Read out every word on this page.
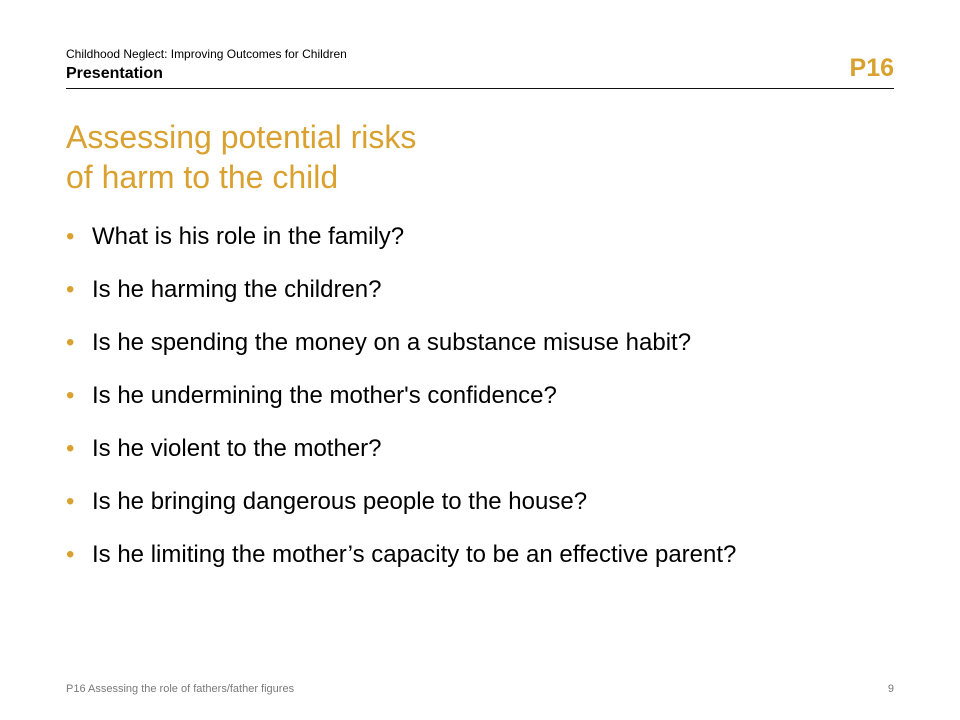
Childhood Neglect: Improving Outcomes for Children
Presentation	P16
Assessing potential risks
of harm to the child
• What is his role in the family?
• Is he harming the children?
• Is he spending the money on a substance misuse habit?
• Is he undermining the mother's confidence?
• Is he violent to the mother?
• Is he bringing dangerous people to the house?
• Is he limiting the mother’s capacity to be an effective parent?
P16 Assessing the role of fathers/father figures	9
